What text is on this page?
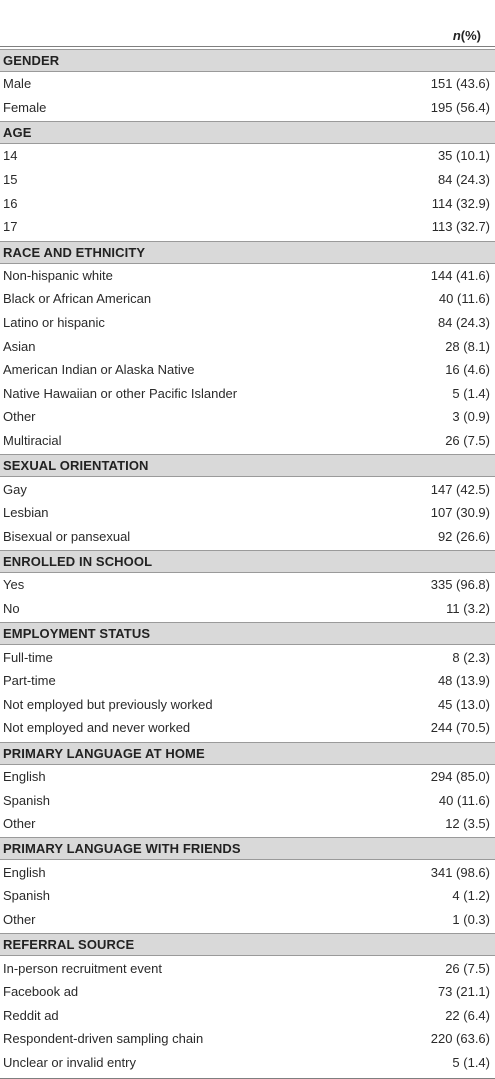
n (%)
GENDER
Male	151 (43.6)
Female	195 (56.4)
AGE
14	35 (10.1)
15	84 (24.3)
16	114 (32.9)
17	113 (32.7)
RACE AND ETHNICITY
Non-hispanic white	144 (41.6)
Black or African American	40 (11.6)
Latino or hispanic	84 (24.3)
Asian	28 (8.1)
American Indian or Alaska Native	16 (4.6)
Native Hawaiian or other Pacific Islander	5 (1.4)
Other	3 (0.9)
Multiracial	26 (7.5)
SEXUAL ORIENTATION
Gay	147 (42.5)
Lesbian	107 (30.9)
Bisexual or pansexual	92 (26.6)
ENROLLED IN SCHOOL
Yes	335 (96.8)
No	11 (3.2)
EMPLOYMENT STATUS
Full-time	8 (2.3)
Part-time	48 (13.9)
Not employed but previously worked	45 (13.0)
Not employed and never worked	244 (70.5)
PRIMARY LANGUAGE AT HOME
English	294 (85.0)
Spanish	40 (11.6)
Other	12 (3.5)
PRIMARY LANGUAGE WITH FRIENDS
English	341 (98.6)
Spanish	4 (1.2)
Other	1 (0.3)
REFERRAL SOURCE
In-person recruitment event	26 (7.5)
Facebook ad	73 (21.1)
Reddit ad	22 (6.4)
Respondent-driven sampling chain	220 (63.6)
Unclear or invalid entry	5 (1.4)
